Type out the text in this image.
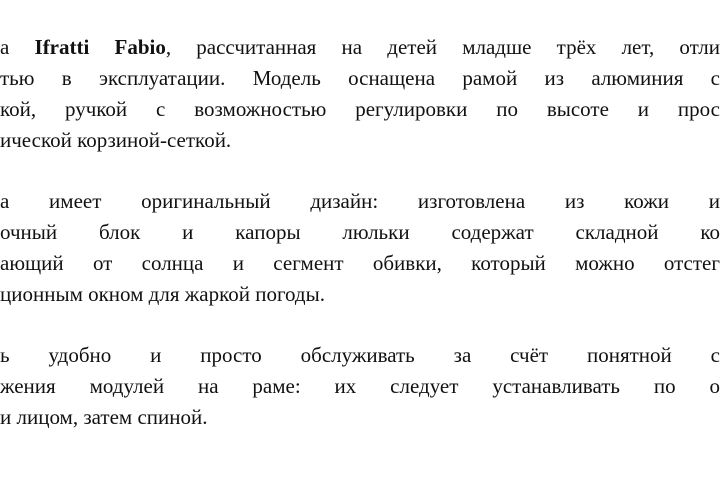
а Ifratti Fabio, рассчитанная на детей младше трёх лет, отли
тью в эксплуатации. Модель оснащена рамой из алюминия с
кой, ручкой с возможностью регулировки по высоте и прос
ической корзиной-сеткой.
а имеет оригинальный дизайн: изготовлена из кожи и
очный блок и капоры люльки содержат складной ко
ающий от солнца и сегмент обивки, который можно отстег
ционным окном для жаркой погоды.
ь удобно и просто обслуживать за счёт понятной с
жения модулей на раме: их следует устанавливать по о
и лицом, затем спиной.
